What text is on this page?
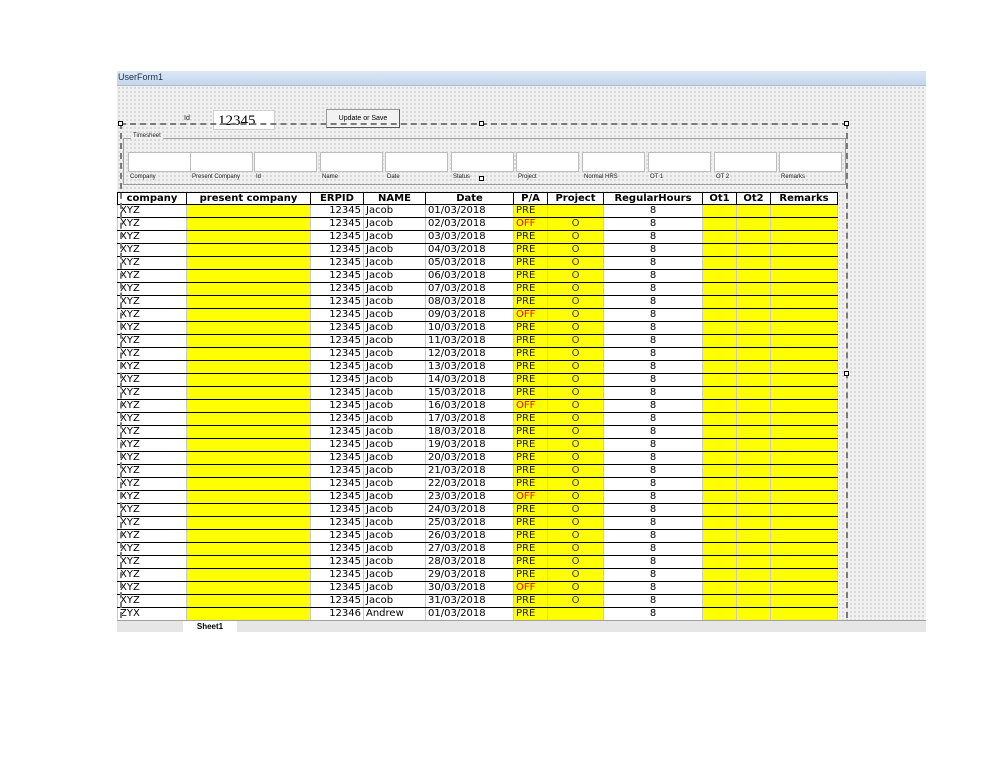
UserForm1
Id	12345	Update or Save
Timesheet
Company	Present Company	Id	Name	Date	Status	Project	Normal HRS	OT 1	OT 2	Remarks
company	present company	ERPID	NAME	Date	P/A	Project	RegularHours	Ot1	Ot2	Remarks
XYZ		12345	Jacob	01/03/2018	PRE		8			
XYZ		12345	Jacob	02/03/2018	OFF	O	8			
XYZ		12345	Jacob	03/03/2018	PRE	O	8			
XYZ		12345	Jacob	04/03/2018	PRE	O	8			
XYZ		12345	Jacob	05/03/2018	PRE	O	8			
XYZ		12345	Jacob	06/03/2018	PRE	O	8			
XYZ		12345	Jacob	07/03/2018	PRE	O	8			
XYZ		12345	Jacob	08/03/2018	PRE	O	8			
XYZ		12345	Jacob	09/03/2018	OFF	O	8			
XYZ		12345	Jacob	10/03/2018	PRE	O	8			
XYZ		12345	Jacob	11/03/2018	PRE	O	8			
XYZ		12345	Jacob	12/03/2018	PRE	O	8			
XYZ		12345	Jacob	13/03/2018	PRE	O	8			
XYZ		12345	Jacob	14/03/2018	PRE	O	8			
XYZ		12345	Jacob	15/03/2018	PRE	O	8			
XYZ		12345	Jacob	16/03/2018	OFF	O	8			
XYZ		12345	Jacob	17/03/2018	PRE	O	8			
XYZ		12345	Jacob	18/03/2018	PRE	O	8			
XYZ		12345	Jacob	19/03/2018	PRE	O	8			
XYZ		12345	Jacob	20/03/2018	PRE	O	8			
XYZ		12345	Jacob	21/03/2018	PRE	O	8			
XYZ		12345	Jacob	22/03/2018	PRE	O	8			
XYZ		12345	Jacob	23/03/2018	OFF	O	8			
XYZ		12345	Jacob	24/03/2018	PRE	O	8			
XYZ		12345	Jacob	25/03/2018	PRE	O	8			
XYZ		12345	Jacob	26/03/2018	PRE	O	8			
XYZ		12345	Jacob	27/03/2018	PRE	O	8			
XYZ		12345	Jacob	28/03/2018	PRE	O	8			
XYZ		12345	Jacob	29/03/2018	PRE	O	8			
XYZ		12345	Jacob	30/03/2018	OFF	O	8			
XYZ		12345	Jacob	31/03/2018	PRE	O	8			
ZYX		12346	Andrew	01/03/2018	PRE		8			

Sheet1
